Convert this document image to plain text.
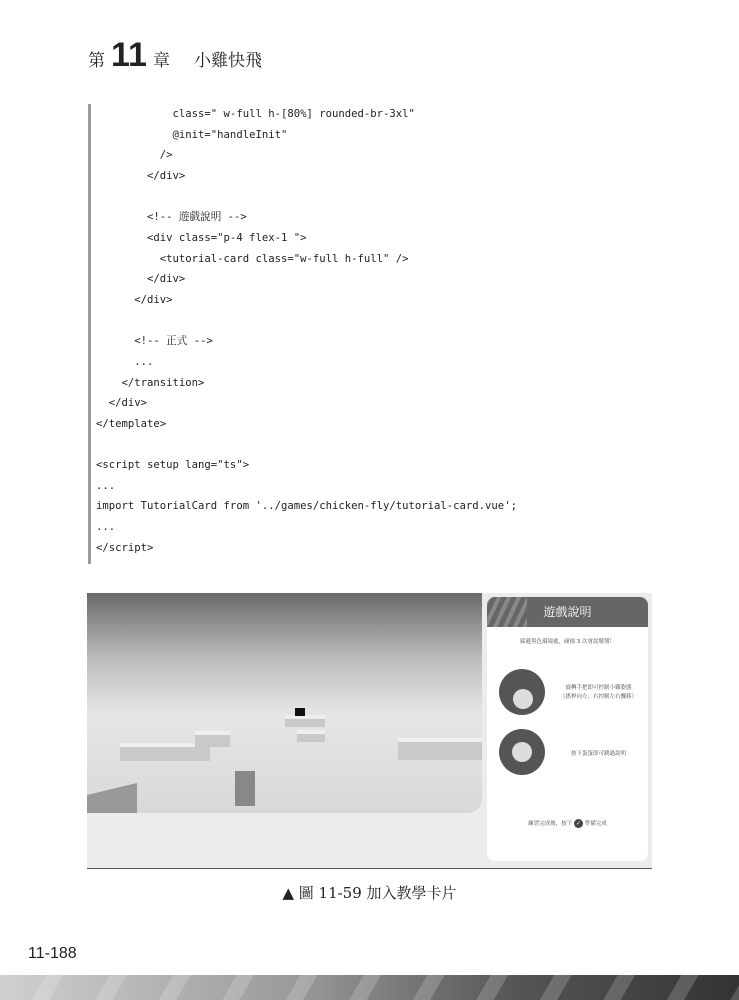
第 11 章 小雞快飛
class=" w-full h-[80%] rounded-br-3xl"
@init="handleInit"
/>
</div>

<!-- 遊戲說明 -->
<div class="p-4 flex-1 ">
<tutorial-card class="w-full h-full" />
</div>
</div>

<!-- 正式 -->
...
</transition>
</div>
</template>

<script setup lang="ts">
...
import TutorialCard from '../games/chicken-fly/tutorial-card.vue';
...
</script>
遊戲說明
躲避黑色環境處，碰撞 3 次會說掰掰！
旋轉手把即可控制小雞姿態
（搖桿向左、右控制左右飄移）
按下蛋蛋即可跳過說明
練習完成後，按下 ✓ 準備完成
▲ 圖 11-59 加入教學卡片
11-188
